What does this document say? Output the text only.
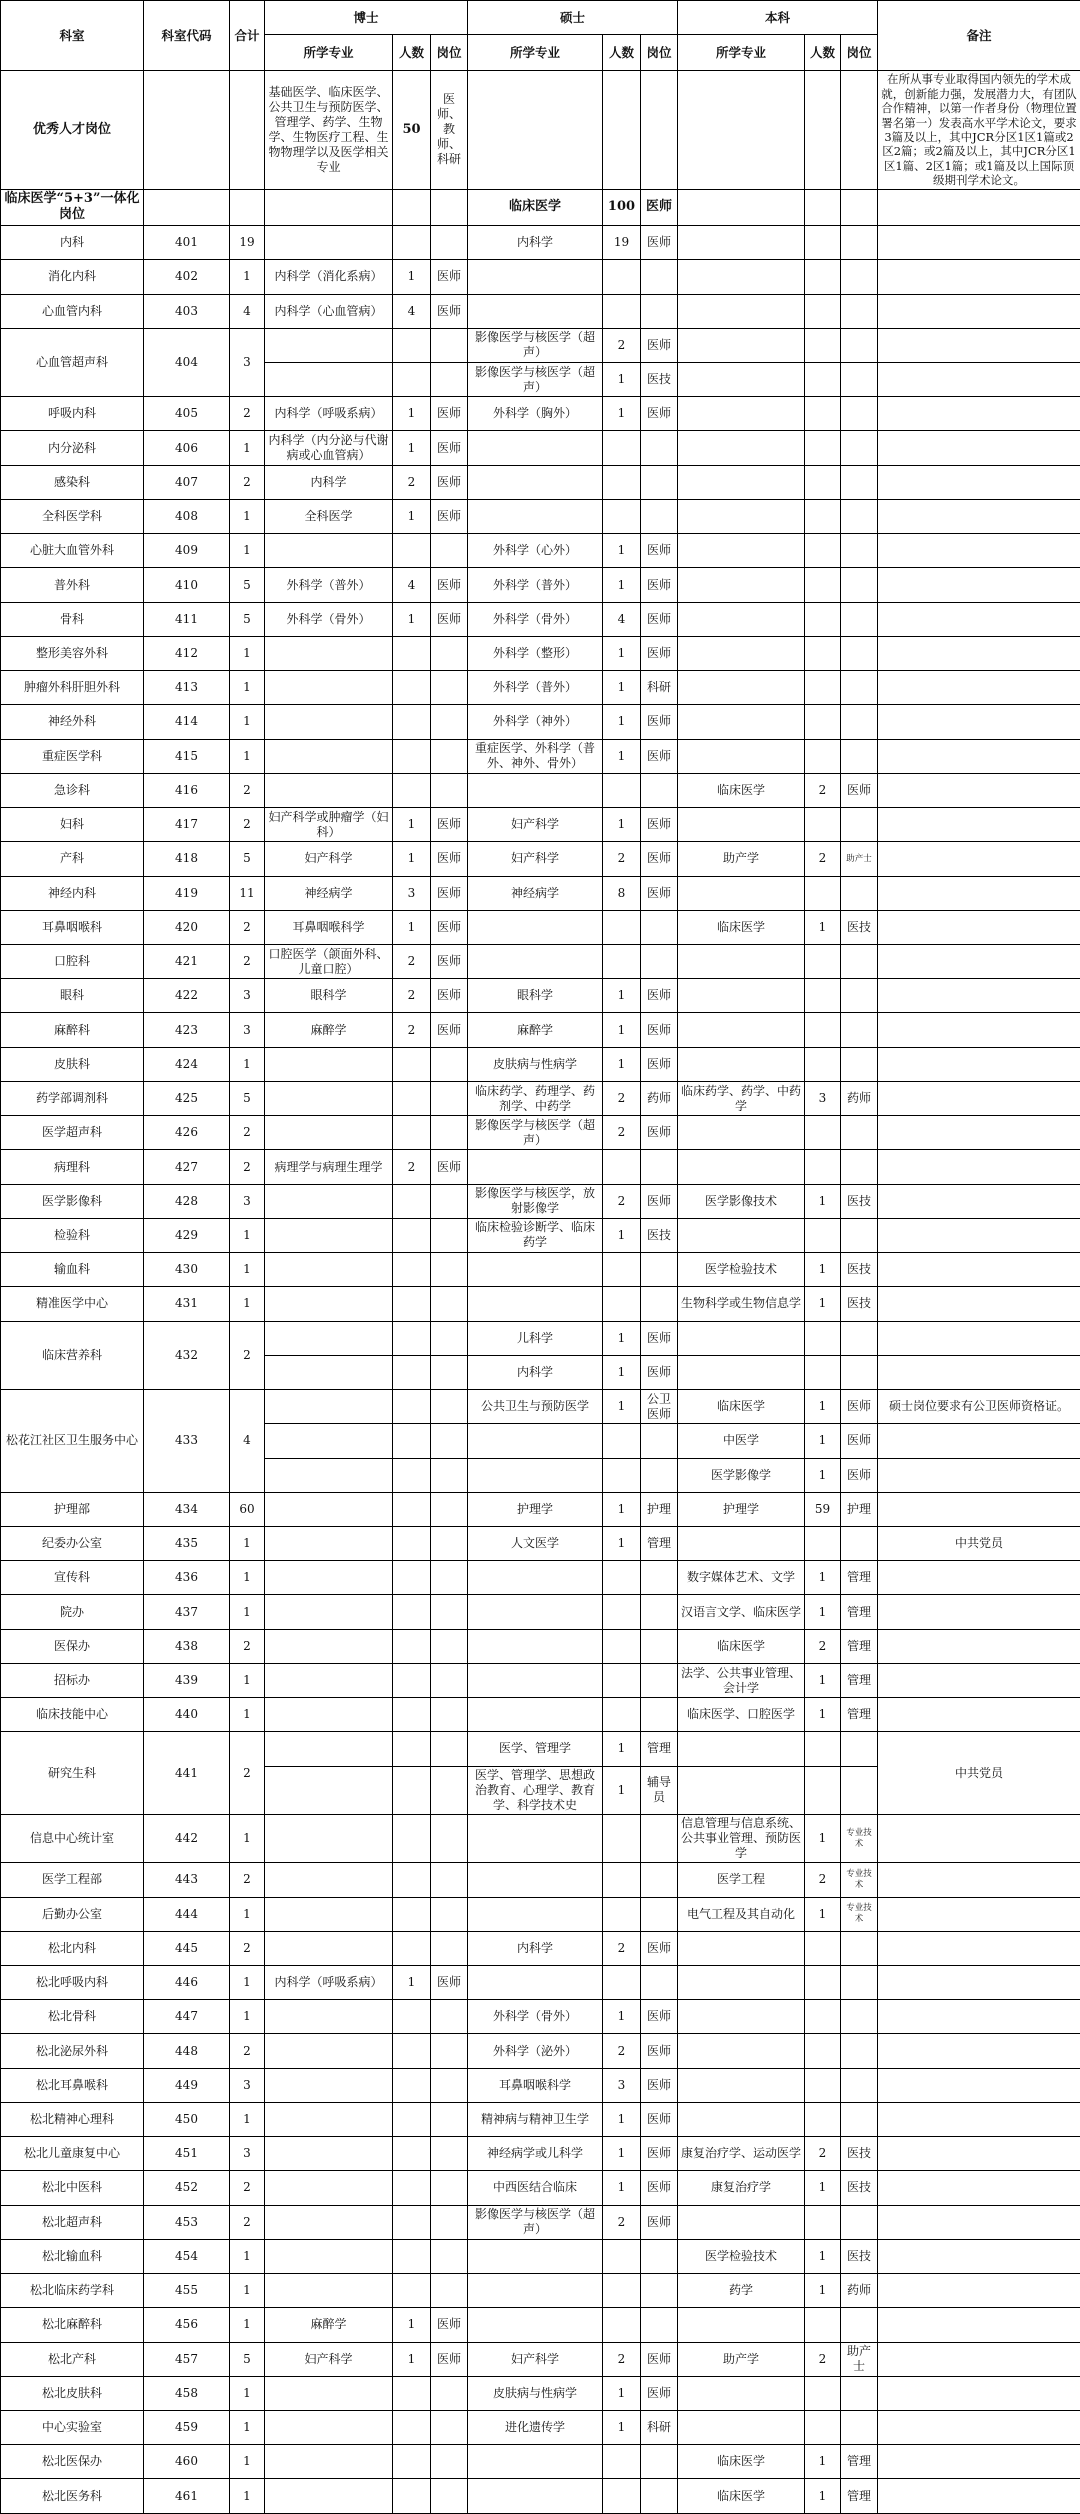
科室	科室代码	合计	博士			硕士			本科			备注
			所学专业	人数	岗位	所学专业	人数	岗位	所学专业	人数	岗位	
优秀人才岗位			基础医学、临床医学、公共卫生与预防医学、管理学、药学、生物学、生物医疗工程、生物物理学以及医学相关专业	50	医师、教师、科研							在所从事专业取得国内领先的学术成就，创新能力强，发展潜力大，有团队合作精神，以第一作者身份（物理位置署名第一）发表高水平学术论文，要求3篇及以上，其中JCR分区1区1篇或2区2篇；或2篇及以上，其中JCR分区1区1篇、2区1篇；或1篇及以上国际顶级期刊学术论文。
临床医学“5+3”一体化岗位						临床医学	100	医师				
内科	401	19				内科学	19	医师				
消化内科	402	1	内科学（消化系病）	1	医师							
心血管内科	403	4	内科学（心血管病）	4	医师							
心血管超声科	404	3				影像医学与核医学（超声）	2	医师				
						影像医学与核医学（超声）	1	医技				
呼吸内科	405	2	内科学（呼吸系病）	1	医师	外科学（胸外）	1	医师				
内分泌科	406	1	内科学（内分泌与代谢病或心血管病）	1	医师							
感染科	407	2	内科学	2	医师							
全科医学科	408	1	全科医学	1	医师							
心脏大血管外科	409	1				外科学（心外）	1	医师				
普外科	410	5	外科学（普外）	4	医师	外科学（普外）	1	医师				
骨科	411	5	外科学（骨外）	1	医师	外科学（骨外）	4	医师				
整形美容外科	412	1				外科学（整形）	1	医师				
肿瘤外科肝胆外科	413	1				外科学（普外）	1	科研				
神经外科	414	1				外科学（神外）	1	医师				
重症医学科	415	1				重症医学、外科学（普外、神外、骨外）	1	医师				
急诊科	416	2							临床医学	2	医师	
妇科	417	2	妇产科学或肿瘤学（妇科）	1	医师	妇产科学	1	医师				
产科	418	5	妇产科学	1	医师	妇产科学	2	医师	助产学	2	助产士	
神经内科	419	11	神经病学	3	医师	神经病学	8	医师				
耳鼻咽喉科	420	2	耳鼻咽喉科学	1	医师				临床医学	1	医技	
口腔科	421	2	口腔医学（颌面外科、儿童口腔）	2	医师							
眼科	422	3	眼科学	2	医师	眼科学	1	医师				
麻醉科	423	3	麻醉学	2	医师	麻醉学	1	医师				
皮肤科	424	1				皮肤病与性病学	1	医师				
药学部调剂科	425	5				临床药学、药理学、药剂学、中药学	2	药师	临床药学、药学、中药学	3	药师	
医学超声科	426	2				影像医学与核医学（超声）	2	医师				
病理科	427	2	病理学与病理生理学	2	医师							
医学影像科	428	3				影像医学与核医学，放射影像学	2	医师	医学影像技术	1	医技	
检验科	429	1				临床检验诊断学、临床药学	1	医技				
输血科	430	1							医学检验技术	1	医技	
精准医学中心	431	1							生物科学或生物信息学	1	医技	
临床营养科	432	2				儿科学	1	医师				
						内科学	1	医师				
松花江社区卫生服务中心	433	4				公共卫生与预防医学	1	公卫医师	临床医学	1	医师	硕士岗位要求有公卫医师资格证。
									中医学	1	医师	
									医学影像学	1	医师	
护理部	434	60				护理学	1	护理	护理学	59	护理	
纪委办公室	435	1				人文医学	1	管理				中共党员
宣传科	436	1							数字媒体艺术、文学	1	管理	
院办	437	1							汉语言文学、临床医学	1	管理	
医保办	438	2							临床医学	2	管理	
招标办	439	1							法学、公共事业管理、会计学	1	管理	
临床技能中心	440	1							临床医学、口腔医学	1	管理	
研究生科	441	2				医学、管理学	1	管理				中共党员
						医学、管理学、思想政治教育、心理学、教育学、科学技术史	1	辅导员				
信息中心统计室	442	1							信息管理与信息系统、公共事业管理、预防医学	1	专业技术	
医学工程部	443	2							医学工程	2	专业技术	
后勤办公室	444	1							电气工程及其自动化	1	专业技术	
松北内科	445	2				内科学	2	医师				
松北呼吸内科	446	1	内科学（呼吸系病）	1	医师							
松北骨科	447	1				外科学（骨外）	1	医师				
松北泌尿外科	448	2				外科学（泌外）	2	医师				
松北耳鼻喉科	449	3				耳鼻咽喉科学	3	医师				
松北精神心理科	450	1				精神病与精神卫生学	1	医师				
松北儿童康复中心	451	3				神经病学或儿科学	1	医师	康复治疗学、运动医学	2	医技	
松北中医科	452	2				中西医结合临床	1	医师	康复治疗学	1	医技	
松北超声科	453	2				影像医学与核医学（超声）	2	医师				
松北输血科	454	1							医学检验技术	1	医技	
松北临床药学科	455	1							药学	1	药师	
松北麻醉科	456	1	麻醉学	1	医师							
松北产科	457	5	妇产科学	1	医师	妇产科学	2	医师	助产学	2	助产士	
松北皮肤科	458	1				皮肤病与性病学	1	医师				
中心实验室	459	1				进化遗传学	1	科研				
松北医保办	460	1							临床医学	1	管理	
松北医务科	461	1							临床医学	1	管理	
